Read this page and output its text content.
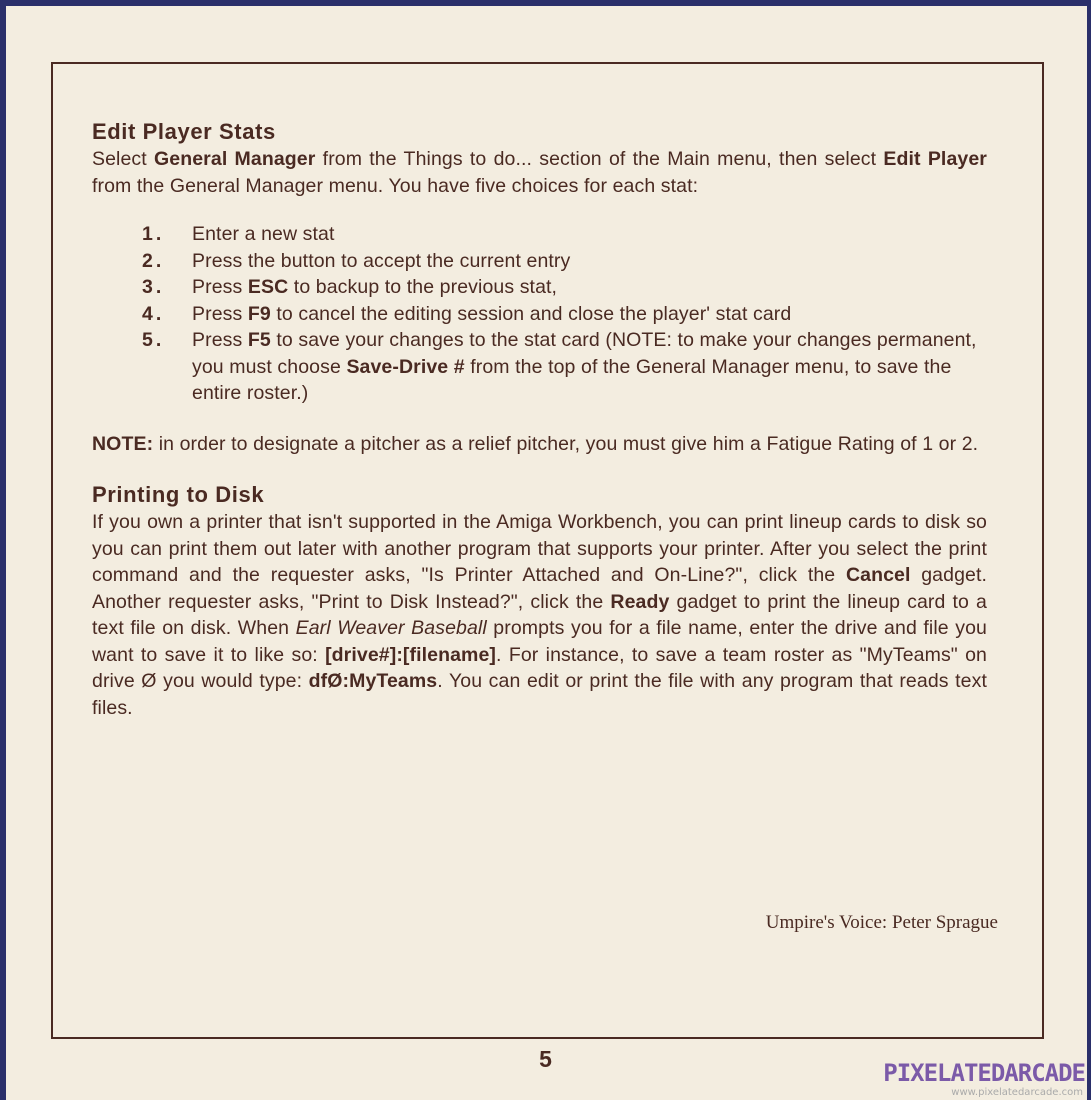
Edit Player Stats

Select General Manager from the Things to do... section of the Main menu, then select Edit Player from the General Manager menu. You have five choices for each stat:

1. Enter a new stat
2. Press the button to accept the current entry
3. Press ESC to backup to the previous stat,
4. Press F9 to cancel the editing session and close the player' stat card
5. Press F5 to save your changes to the stat card (NOTE: to make your changes permanent, you must choose Save-Drive # from the top of the General Manager menu, to save the entire roster.)

NOTE: in order to designate a pitcher as a relief pitcher, you must give him a Fatigue Rating of 1 or 2.

Printing to Disk

If you own a printer that isn't supported in the Amiga Workbench, you can print lineup cards to disk so you can print them out later with another program that supports your printer. After you select the print command and the requester asks, "Is Printer Attached and On-Line?", click the Cancel gadget. Another requester asks, "Print to Disk Instead?", click the Ready gadget to print the lineup card to a text file on disk. When Earl Weaver Baseball prompts you for a file name, enter the drive and file you want to save it to like so: [drive#]:[filename]. For instance, to save a team roster as "MyTeams" on drive Ø you would type: dfØ:MyTeams. You can edit or print the file with any program that reads text files.

Umpire's Voice: Peter Sprague
5	PIXELATEDARCADE
www.pixelatedarcade.com
